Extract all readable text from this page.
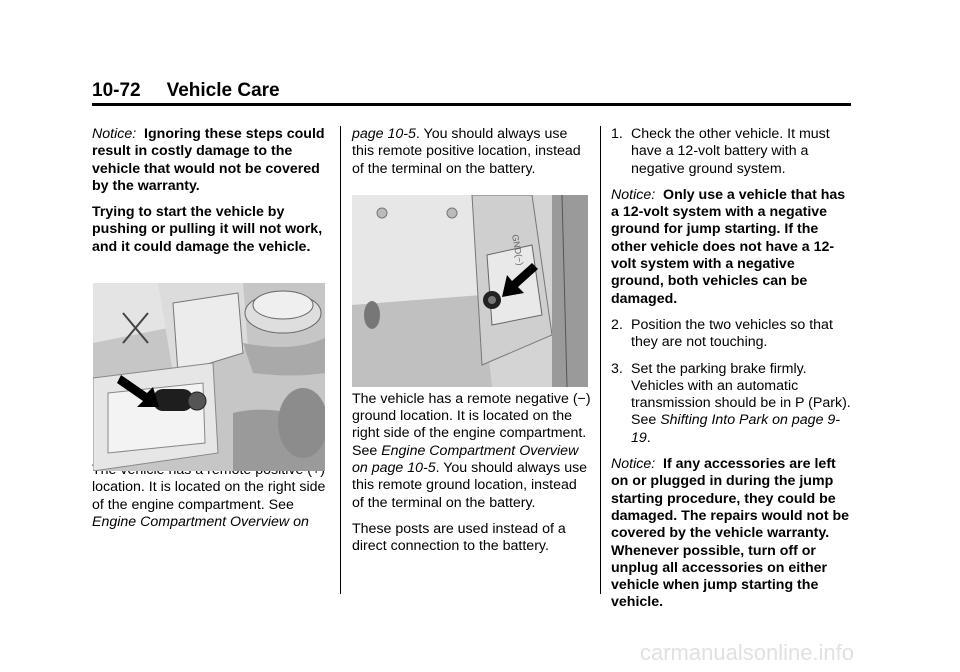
10-72 Vehicle Care

Notice: Ignoring these steps could result in costly damage to the vehicle that would not be covered by the warranty.

Trying to start the vehicle by pushing or pulling it will not work, and it could damage the vehicle.

location. It is located on the right side of the engine compartment. See Engine Compartment Overview on

page 10-5. You should always use this remote positive location, instead of the terminal on the battery.

The vehicle has a remote negative (−) ground location. It is located on the right side of the engine compartment. See Engine Compartment Overview on page 10-5. You should always use this remote ground location, instead of the terminal on the battery.

These posts are used instead of a direct connection to the battery.

GND(−)
1. Check the other vehicle. It must have a 12-volt battery with a negative ground system.

Notice: Only use a vehicle that has a 12-volt system with a negative ground for jump starting. If the other vehicle does not have a 12-volt system with a negative ground, both vehicles can be damaged.

2. Position the two vehicles so that they are not touching.
3. Set the parking brake firmly. Vehicles with an automatic transmission should be in P (Park). See Shifting Into Park on page 9-19.

Notice: If any accessories are left on or plugged in during the jump starting procedure, they could be damaged. The repairs would not be covered by the vehicle warranty. Whenever possible, turn off or unplug all accessories on either vehicle when jump starting the vehicle.

carmanualsonline.info
